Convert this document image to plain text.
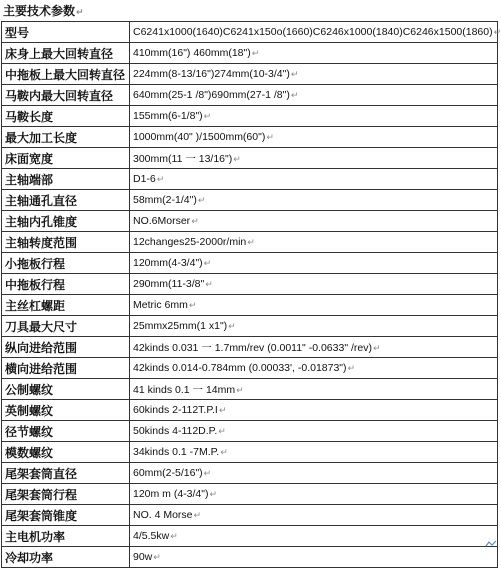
主要技术参数↵
型号	C6241x1000(1640)C6241x150o(1660)C6246x1000(1840)C6246x1500(1860)↵
床身上最大回转直径	410mm(16") 460mm(18")↵
中拖板上最大回转直径	224mm(8-13/16")274mm(10-3/4")↵
马鞍内最大回转直径	640mm(25-1 /8")690mm(27-1 /8")↵
马鞍长度	155mm(6-1/8")↵
最大加工长度	1000mm(40" )/1500mm(60")↵
床面宽度	300mm(11 一 13/16")↵
主轴端部	D1-6↵
主轴通孔直径	58mm(2-1/4")↵
主轴内孔锥度	NO.6Morser↵
主轴转度范围	12changes25-2000r/min↵
小拖板行程	120mm(4-3/4")↵
中拖板行程	290mm(11-3/8"↵
主丝杠螺距	Metric 6mm↵
刀具最大尺寸	25mmx25mm(1 x1")↵
纵向进给范围	42kinds 0.031 一 1.7mm/rev (0.0011" -0.0633" /rev)↵
横向进给范围	42kinds 0.014-0.784mm (0.00033', -0.01873")↵
公制螺纹	41 kinds 0.1 一 14mm↵
英制螺纹	60kinds 2-112T.P.I↵
径节螺纹	50kinds 4-112D.P.↵
模数螺纹	34kinds 0.1 -7M.P.↵
尾架套筒直径	60mm(2-5/16")↵
尾架套筒行程	120m m (4-3/4")↵
尾架套筒锥度	NO. 4 Morse↵
主电机功率	4/5.5kw↵
冷却功率	90w↵
